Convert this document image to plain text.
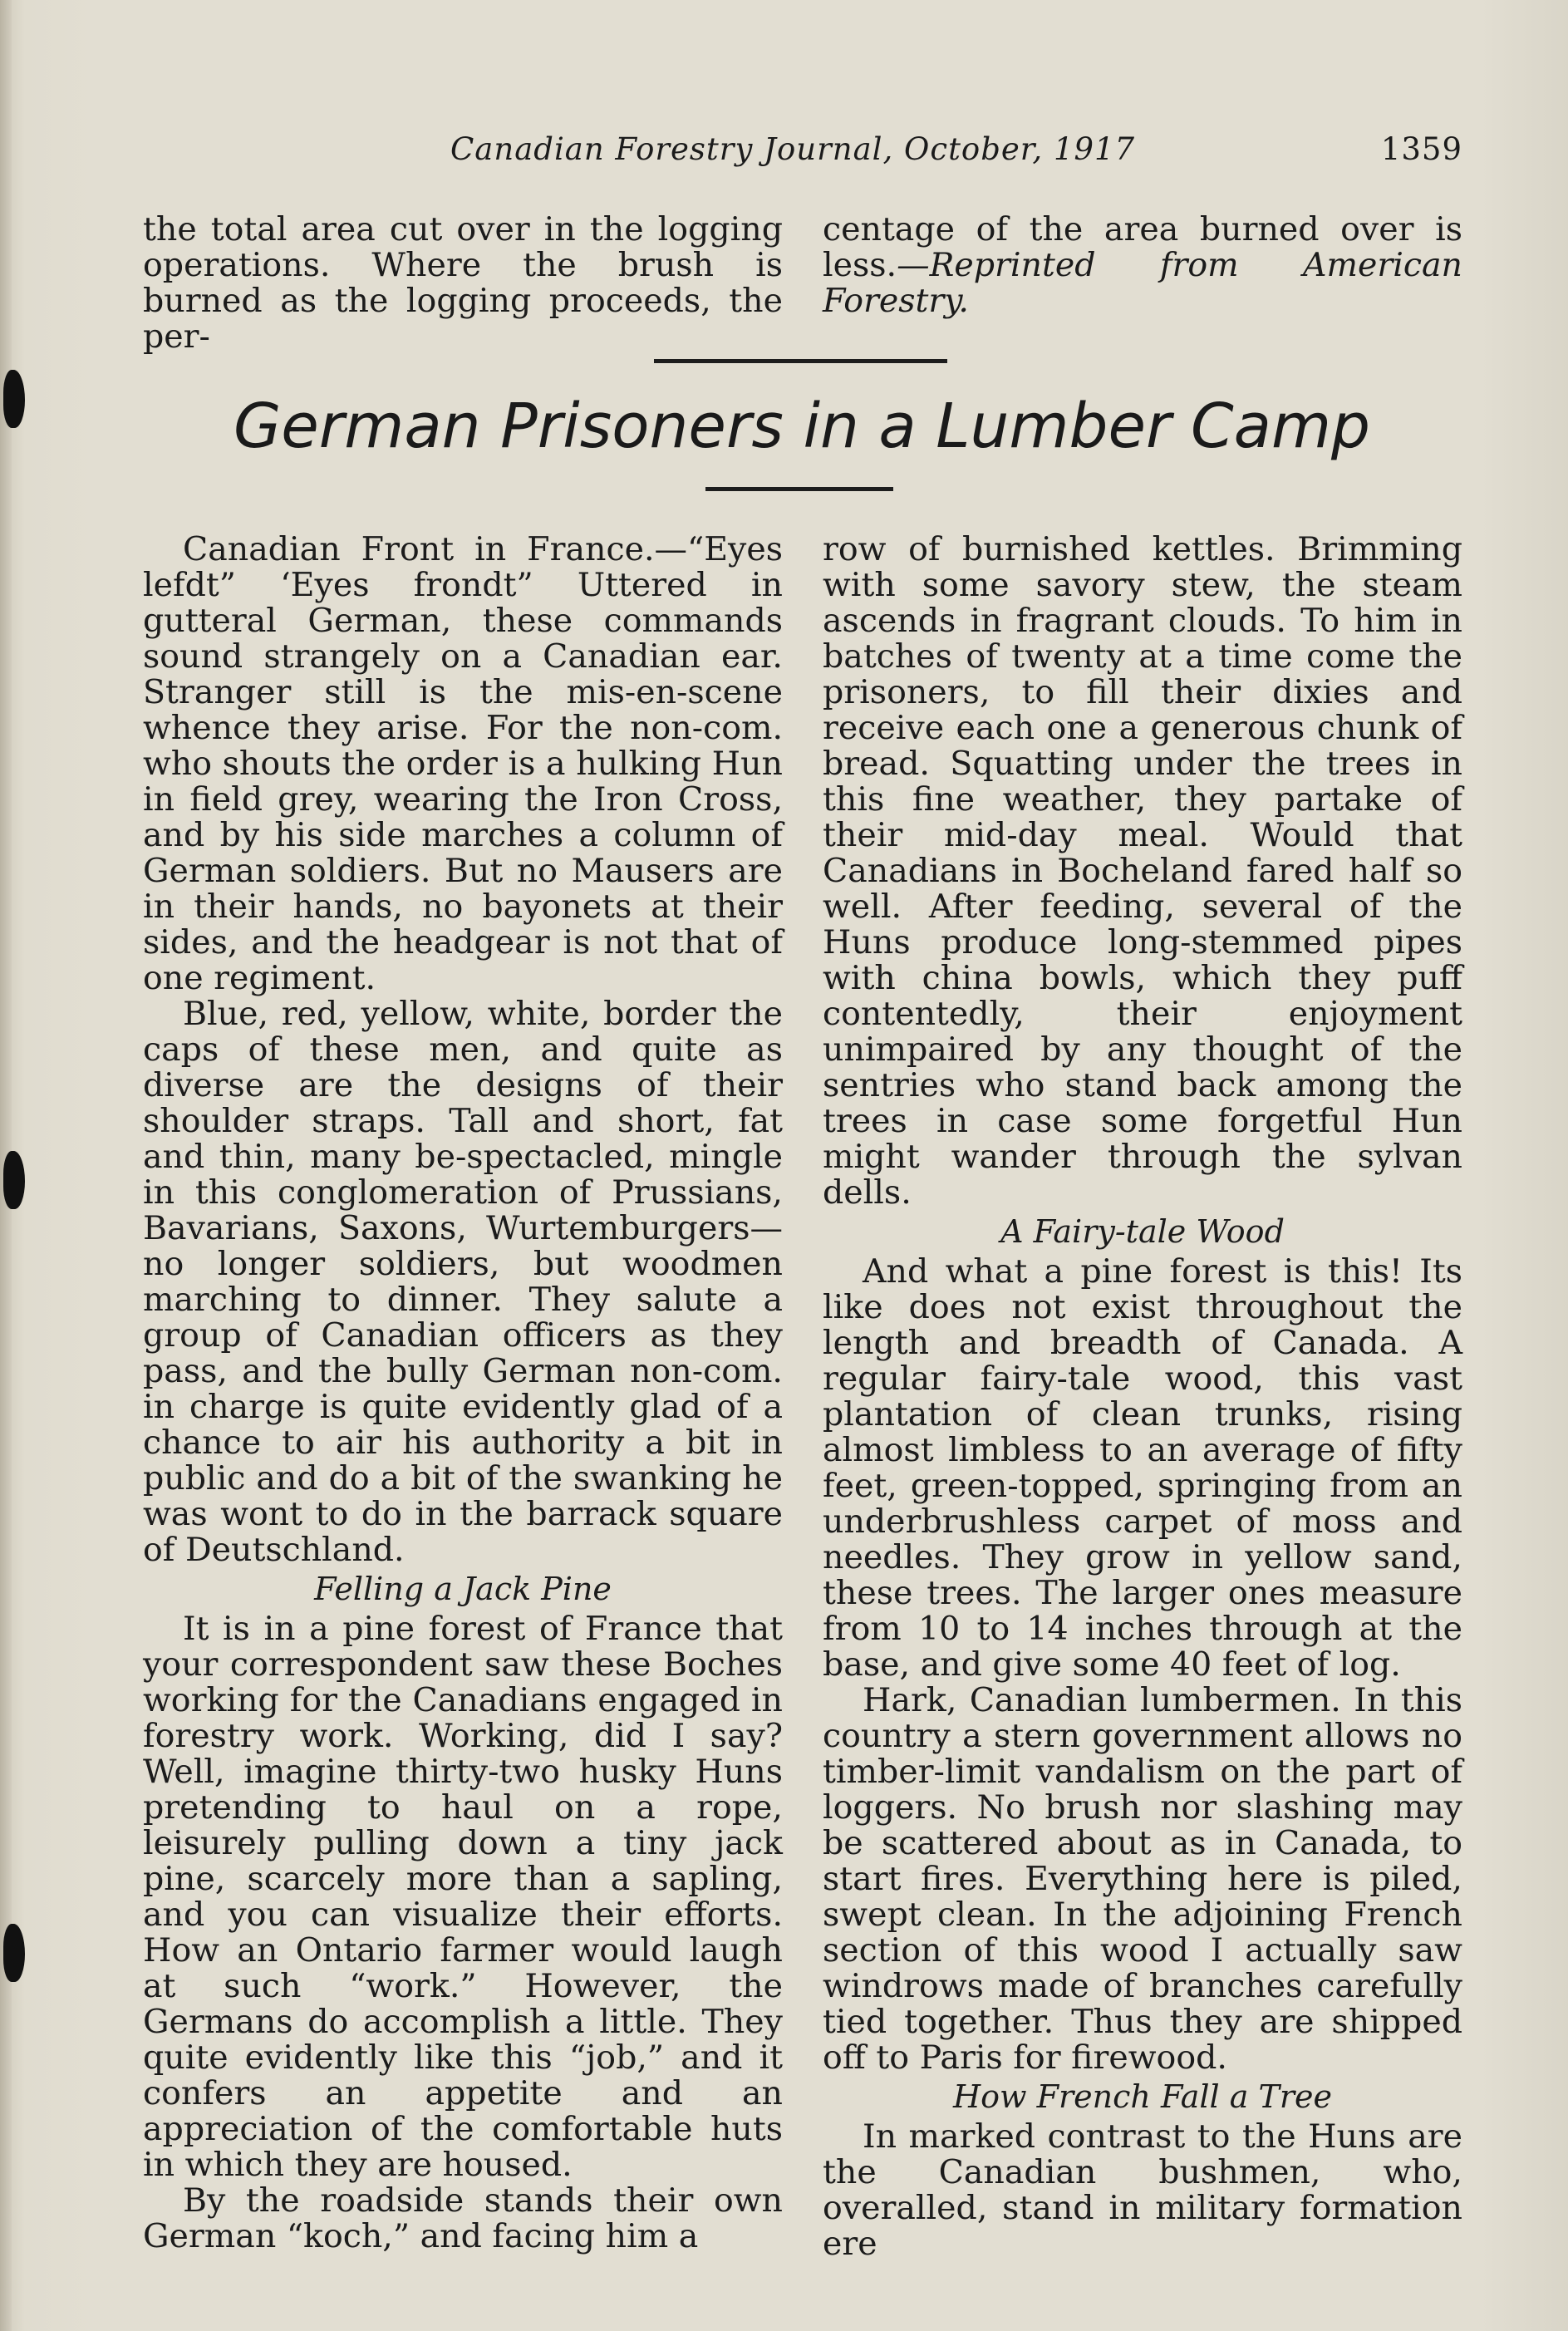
Canadian Forestry Journal, October, 1917	1359

the total area cut over in the logging operations. Where the brush is burned as the logging proceeds, the per-

centage of the area burned over is less.—Reprinted from American Forestry.

German Prisoners in a Lumber Camp

Canadian Front in France.—“Eyes lefdt” ‘Eyes frondt” Uttered in gutteral German, these commands sound strangely on a Canadian ear. Stranger still is the mis-en-scene whence they arise. For the non-com. who shouts the order is a hulking Hun in field grey, wearing the Iron Cross, and by his side marches a column of German soldiers. But no Mausers are in their hands, no bayonets at their sides, and the headgear is not that of one regiment.

Blue, red, yellow, white, border the caps of these men, and quite as diverse are the designs of their shoulder straps. Tall and short, fat and thin, many be-spectacled, mingle in this conglomeration of Prussians, Bavarians, Saxons, Wurtemburgers—no longer soldiers, but woodmen marching to dinner. They salute a group of Canadian officers as they pass, and the bully German non-com. in charge is quite evidently glad of a chance to air his authority a bit in public and do a bit of the swanking he was wont to do in the barrack square of Deutschland.

Felling a Jack Pine

It is in a pine forest of France that your correspondent saw these Boches working for the Canadians engaged in forestry work. Working, did I say? Well, imagine thirty-two husky Huns pretending to haul on a rope, leisurely pulling down a tiny jack pine, scarcely more than a sapling, and you can visualize their efforts. How an Ontario farmer would laugh at such “work.” However, the Germans do accomplish a little. They quite evidently like this “job,” and it confers an appetite and an appreciation of the comfortable huts in which they are housed.

By the roadside stands their own German “koch,” and facing him a

row of burnished kettles. Brimming with some savory stew, the steam ascends in fragrant clouds. To him in batches of twenty at a time come the prisoners, to fill their dixies and receive each one a generous chunk of bread. Squatting under the trees in this fine weather, they partake of their mid-day meal. Would that Canadians in Bocheland fared half so well. After feeding, several of the Huns produce long-stemmed pipes with china bowls, which they puff contentedly, their enjoyment unimpaired by any thought of the sentries who stand back among the trees in case some forgetful Hun might wander through the sylvan dells.

A Fairy-tale Wood

And what a pine forest is this! Its like does not exist throughout the length and breadth of Canada. A regular fairy-tale wood, this vast plantation of clean trunks, rising almost limbless to an average of fifty feet, green-topped, springing from an underbrushless carpet of moss and needles. They grow in yellow sand, these trees. The larger ones measure from 10 to 14 inches through at the base, and give some 40 feet of log.

Hark, Canadian lumbermen. In this country a stern government allows no timber-limit vandalism on the part of loggers. No brush nor slashing may be scattered about as in Canada, to start fires. Everything here is piled, swept clean. In the adjoining French section of this wood I actually saw windrows made of branches carefully tied together. Thus they are shipped off to Paris for firewood.

How French Fall a Tree

In marked contrast to the Huns are the Canadian bushmen, who, overalled, stand in military formation ere
